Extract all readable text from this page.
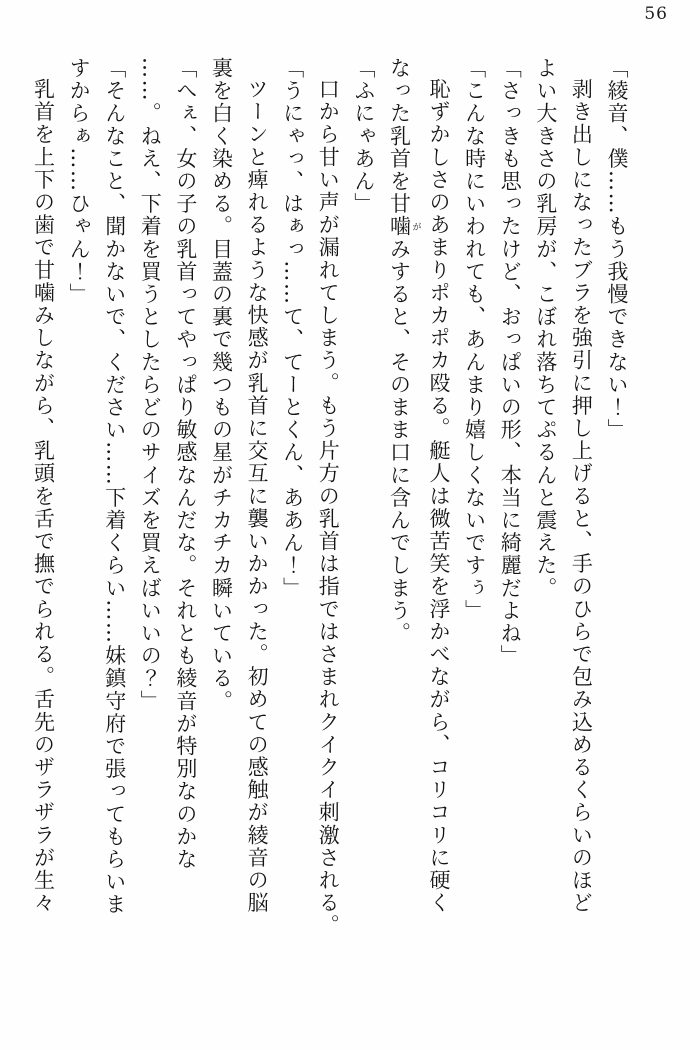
56

「綾音、僕……もう我慢できない！」

剥き出しになったブラを強引に押し上げると、手のひらで包み込めるくらいのほど

よい大きさの乳房が、こぼれ落ちてぷるんと震えた。

「さっきも思ったけど、おっぱいの形、本当に綺麗だよね」

「こんな時にいわれても、あんまり嬉しくないですぅ」

恥ずかしさのあまりポカポカ殴る。艇人は微苦笑を浮かべながら、コリコリに硬く

なった乳首を甘噛 がみすると、そのまま口に含んでしまう。

「ふにゃあん」

口から甘い声が漏れてしまう。もう片方の乳首は指ではさまれクイクイ刺激される。

「うにゃっ、はぁっ……て、てーとくん、ああん！」

ツーンと痺れるような快感が乳首に交互に襲いかかった。初めての感触が綾音の脳

裏を白く染める。目蓋の裏で幾つもの星がチカチカ瞬いている。

「へぇ、女の子の乳首ってやっぱり敏感なんだな。それとも綾音が特別なのかな

……。ねえ、下着を買うとしたらどのサイズを買えばいいの？」

「そんなこと、聞かないで、ください……下着くらい……妹鎮守府で張ってもらいま

すからぁ……ひゃん！」

乳首を上下の歯で甘噛みしながら、乳頭を舌で撫でられる。舌先のザラザラが生々
